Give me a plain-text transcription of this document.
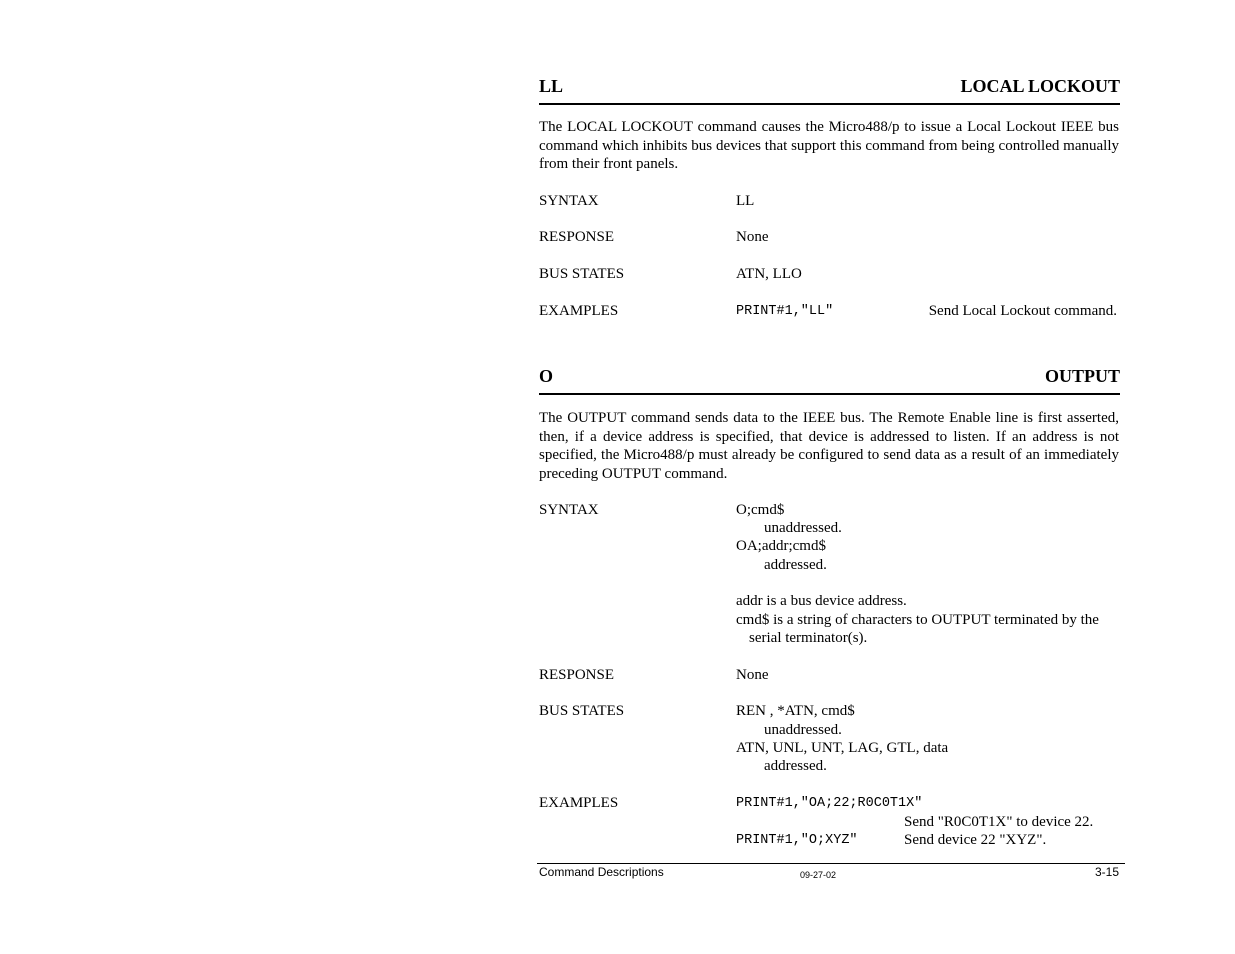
LL	LOCAL LOCKOUT
The LOCAL LOCKOUT command causes the Micro488/p to issue a Local Lockout IEEE bus command which inhibits bus devices that support this command from being controlled manually from their front panels.
SYNTAX	LL
RESPONSE	None
BUS STATES	ATN, LLO
EXAMPLES	PRINT#1,"LL"	Send Local Lockout command.
O	OUTPUT
The OUTPUT command sends data to the IEEE bus. The Remote Enable line is first asserted, then, if a device address is specified, that device is addressed to listen. If an address is not specified, the Micro488/p must already be configured to send data as a result of an immediately preceding OUTPUT command.
SYNTAX	O;cmd$
unaddressed.
OA;addr;cmd$
addressed.
addr is a bus device address.
cmd$ is a string of characters to OUTPUT terminated by the
serial terminator(s).
RESPONSE	None
BUS STATES	REN , *ATN, cmd$
unaddressed.
ATN, UNL, UNT, LAG, GTL, data
addressed.
EXAMPLES	PRINT#1,"OA;22;R0C0T1X"
Send "R0C0T1X" to device 22.
PRINT#1,"O;XYZ"	Send device 22 "XYZ".
Command Descriptions	09-27-02	3-15
